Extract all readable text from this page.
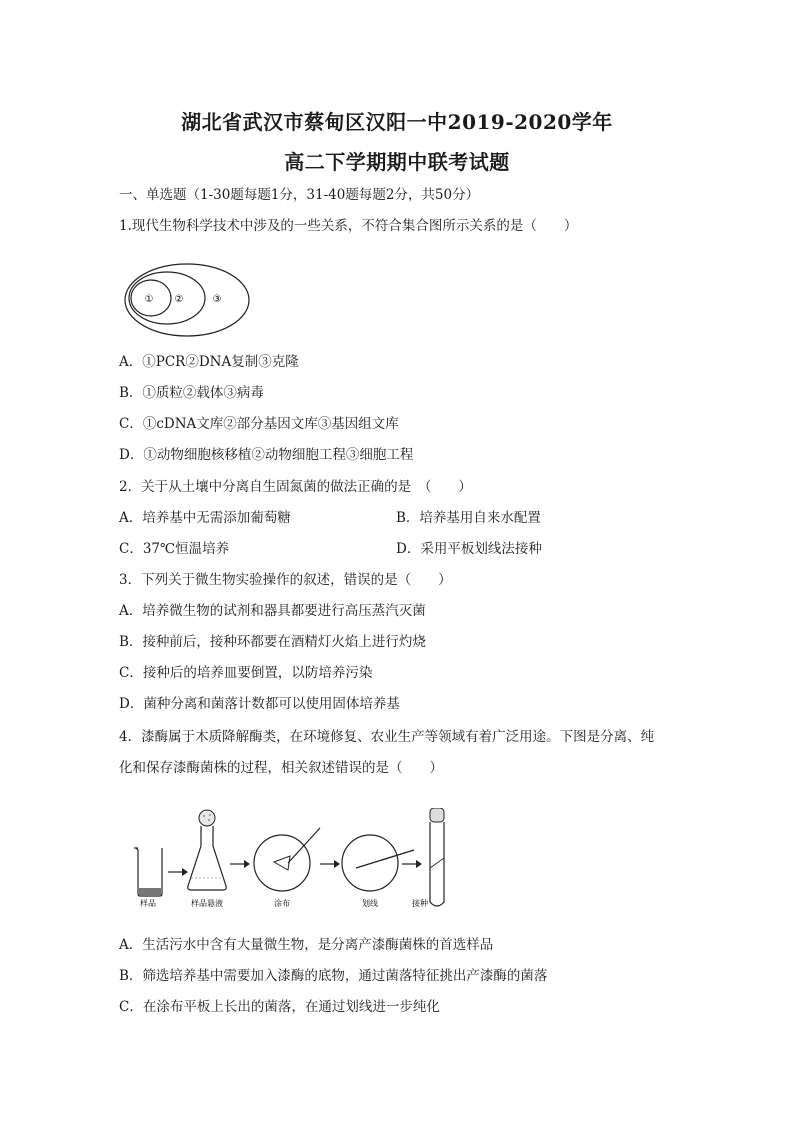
湖北省武汉市蔡甸区汉阳一中2019-2020学年
高二下学期期中联考试题
一、单选题（1-30题每题1分，31-40题每题2分，共50分）
1.现代生物科学技术中涉及的一些关系，不符合集合图所示关系的是（　　）
① ②	③
A．①PCR②DNA复制③克隆
B．①质粒②载体③病毒
C．①cDNA文库②部分基因文库③基因组文库
D．①动物细胞核移植②动物细胞工程③细胞工程
2．关于从土壤中分离自生固氮菌的做法正确的是　（　　）
A．培养基中无需添加葡萄糖	B．培养基用自来水配置
C．37℃恒温培养	D．采用平板划线法接种
3．下列关于微生物实验操作的叙述，错误的是（　　）
A．培养微生物的试剂和器具都要进行高压蒸汽灭菌
B．接种前后，接种环都要在酒精灯火焰上进行灼烧
C．接种后的培养皿要倒置，以防培养污染
D．菌种分离和菌落计数都可以使用固体培养基
4．漆酶属于木质降解酶类，在环境修复、农业生产等领域有着广泛用途。下图是分离、纯
化和保存漆酶菌株的过程，相关叙述错误的是（　　）
样品	样品悬液	涂布	划线	接种
A．生活污水中含有大量微生物，是分离产漆酶菌株的首选样品
B．筛选培养基中需要加入漆酶的底物，通过菌落特征挑出产漆酶的菌落
C．在涂布平板上长出的菌落，在通过划线进一步纯化
